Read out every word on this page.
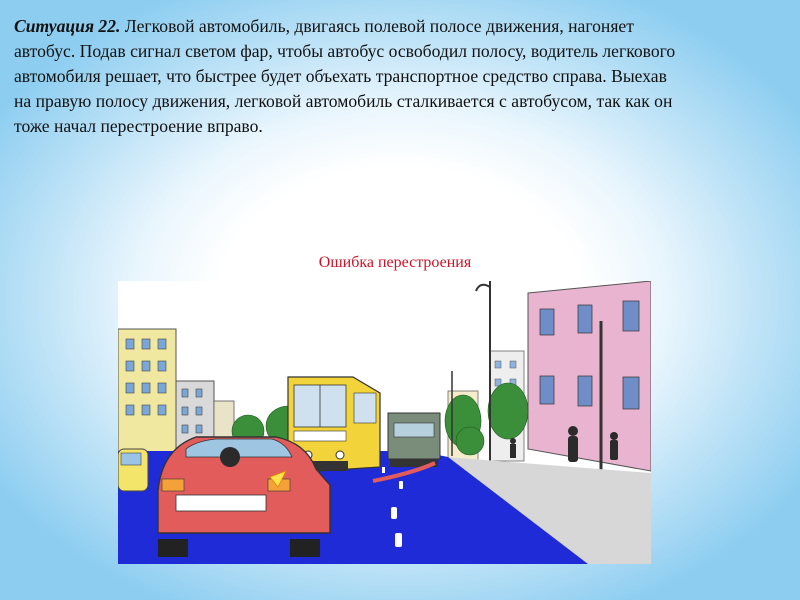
Ситуация 22. Легковой автомобиль, двигаясь полевой полосе движения, нагоняет
автобус. Подав сигнал светом фар, чтобы автобус освободил полосу, водитель легкового
автомобиля решает, что быстрее будет объехать транспортное средство справа. Выехав
на правую полосу движения, легковой автомобиль сталкивается с автобусом, так как он
тоже начал перестроение вправо.
Ошибка перестроения
